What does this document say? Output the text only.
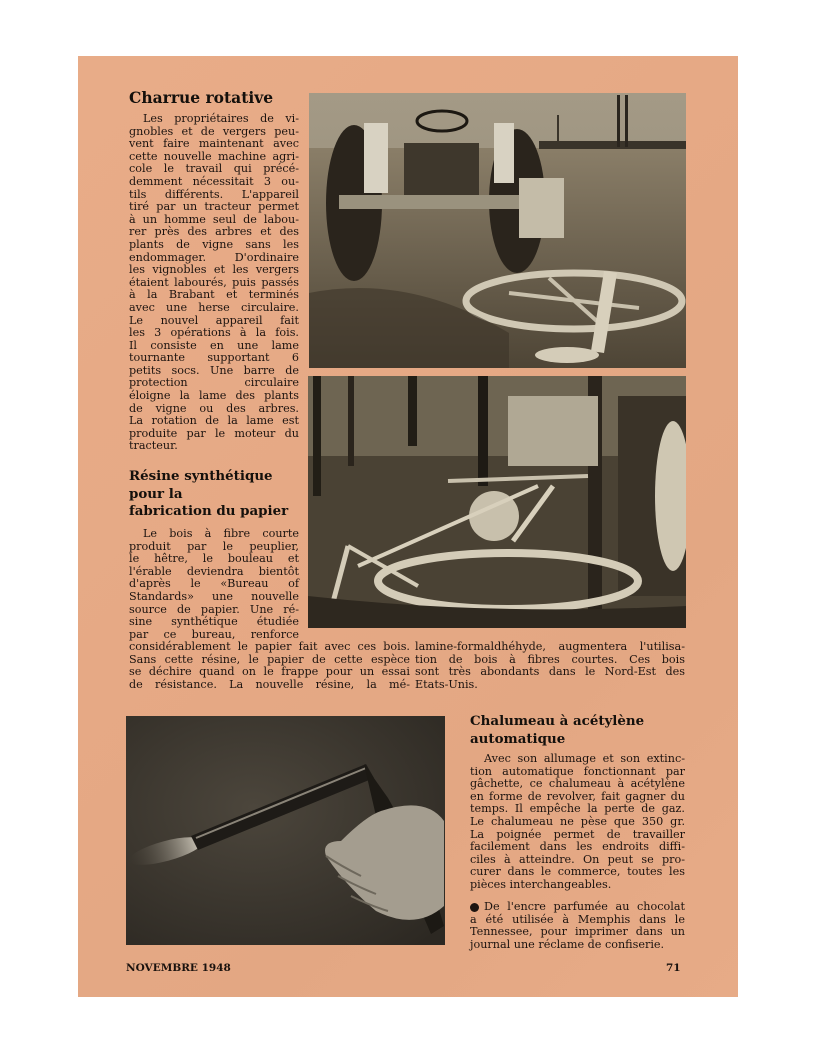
Charrue rotative
Les propriétaires de vi-
gnobles et de vergers peu-
vent faire maintenant avec
cette nouvelle machine agri-
cole le travail qui précé-
demment nécessitait 3 ou-
tils différents. L'appareil
tiré par un tracteur permet
à un homme seul de labou-
rer près des arbres et des
plants de vigne sans les
endommager. D'ordinaire
les vignobles et les vergers
étaient labourés, puis passés
à la Brabant et terminés
avec une herse circulaire.
Le nouvel appareil fait
les 3 opérations à la fois.
Il consiste en une lame
tournante supportant 6
petits socs. Une barre de
protection circulaire
éloigne la lame des plants
de vigne ou des arbres.
La rotation de la lame est
produite par le moteur du
tracteur.
Résine synthétique
pour la
fabrication du papier
Le bois à fibre courte
produit par le peuplier,
le hêtre, le bouleau et
l'érable deviendra bientôt
d'après le «Bureau of
Standards» une nouvelle
source de papier. Une ré-
sine synthétique étudiée
par ce bureau, renforce
considérablement le papier fait avec ces bois.
Sans cette résine, le papier de cette espèce
se déchire quand on le frappe pour un essai
de résistance. La nouvelle résine, la mé-
lamine-formaldhéhyde, augmentera l'utilisa-
tion de bois à fibres courtes. Ces bois
sont très abondants dans le Nord-Est des
Etats-Unis.
Chalumeau à acétylène
automatique
Avec son allumage et son extinc-
tion automatique fonctionnant par
gâchette, ce chalumeau à acétylène
en forme de revolver, fait gagner du
temps. Il empêche la perte de gaz.
Le chalumeau ne pèse que 350 gr.
La poignée permet de travailler
facilement dans les endroits diffi-
ciles à atteindre. On peut se pro-
curer dans le commerce, toutes les
pièces interchangeables.
De l'encre parfumée au chocolat
a été utilisée à Memphis dans le
Tennessee, pour imprimer dans un
journal une réclame de confiserie.
NOVEMBRE 1948	71
